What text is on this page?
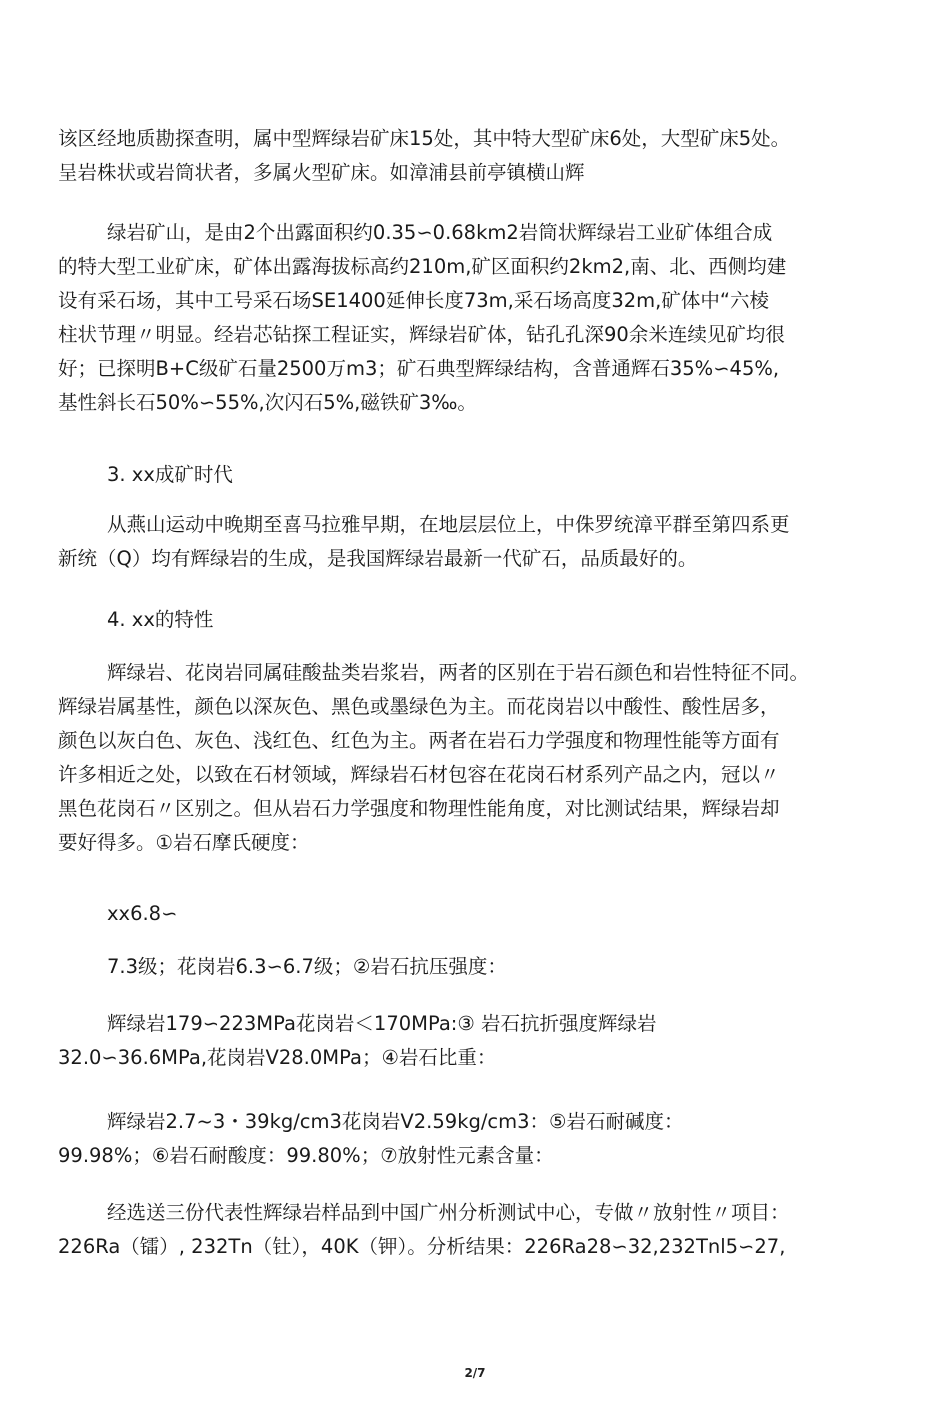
该区经地质勘探查明，属中型辉绿岩矿床15处，其中特大型矿床6处，大型矿床5处。
呈岩株状或岩筒状者，多属火型矿床。如漳浦县前亭镇横山辉

绿岩矿山，是由2个出露面积约0.35∽0.68km2岩筒状辉绿岩工业矿体组合成
的特大型工业矿床，矿体出露海拔标高约210m,矿区面积约2km2,南、北、西侧均建
设有采石场，其中工号采石场SE1400延伸长度73m,采石场高度32m,矿体中“六棱
柱状节理〃明显。经岩芯钻探工程证实，辉绿岩矿体，钻孔孔深90余米连续见矿均很
好；已探明B+C级矿石量2500万m3；矿石典型辉绿结构，含普通辉石35%∽45%,
基性斜长石50%∽55%,次闪石5%,磁铁矿3‰。

3. xx成矿时代

从燕山运动中晚期至喜马拉雅早期，在地层层位上，中侏罗统漳平群至第四系更
新统（Q）均有辉绿岩的生成，是我国辉绿岩最新一代矿石，品质最好的。

4. xx的特性

辉绿岩、花岗岩同属硅酸盐类岩浆岩，两者的区别在于岩石颜色和岩性特征不同。
辉绿岩属基性，颜色以深灰色、黑色或墨绿色为主。而花岗岩以中酸性、酸性居多，
颜色以灰白色、灰色、浅红色、红色为主。两者在岩石力学强度和物理性能等方面有
许多相近之处，以致在石材领域，辉绿岩石材包容在花岗石材系列产品之内，冠以〃
黑色花岗石〃区别之。但从岩石力学强度和物理性能角度，对比测试结果，辉绿岩却
要好得多。①岩石摩氏硬度：

xx6.8∽

7.3级；花岗岩6.3∽6.7级；②岩石抗压强度：

辉绿岩179∽223MPa花岗岩＜170MPa:③ 岩石抗折强度辉绿岩
32.0∽36.6MPa,花岗岩V28.0MPa；④岩石比重：

辉绿岩2.7~3・39kg/cm3花岗岩V2.59kg/cm3：⑤岩石耐碱度：
99.98%；⑥岩石耐酸度：99.80%；⑦放射性元素含量：

经选送三份代表性辉绿岩样品到中国广州分析测试中心，专做〃放射性〃项目：
226Ra（镭）, 232Tn（钍），40K（钾）。分析结果：226Ra28∽32,232Tnl5∽27,

2/7
